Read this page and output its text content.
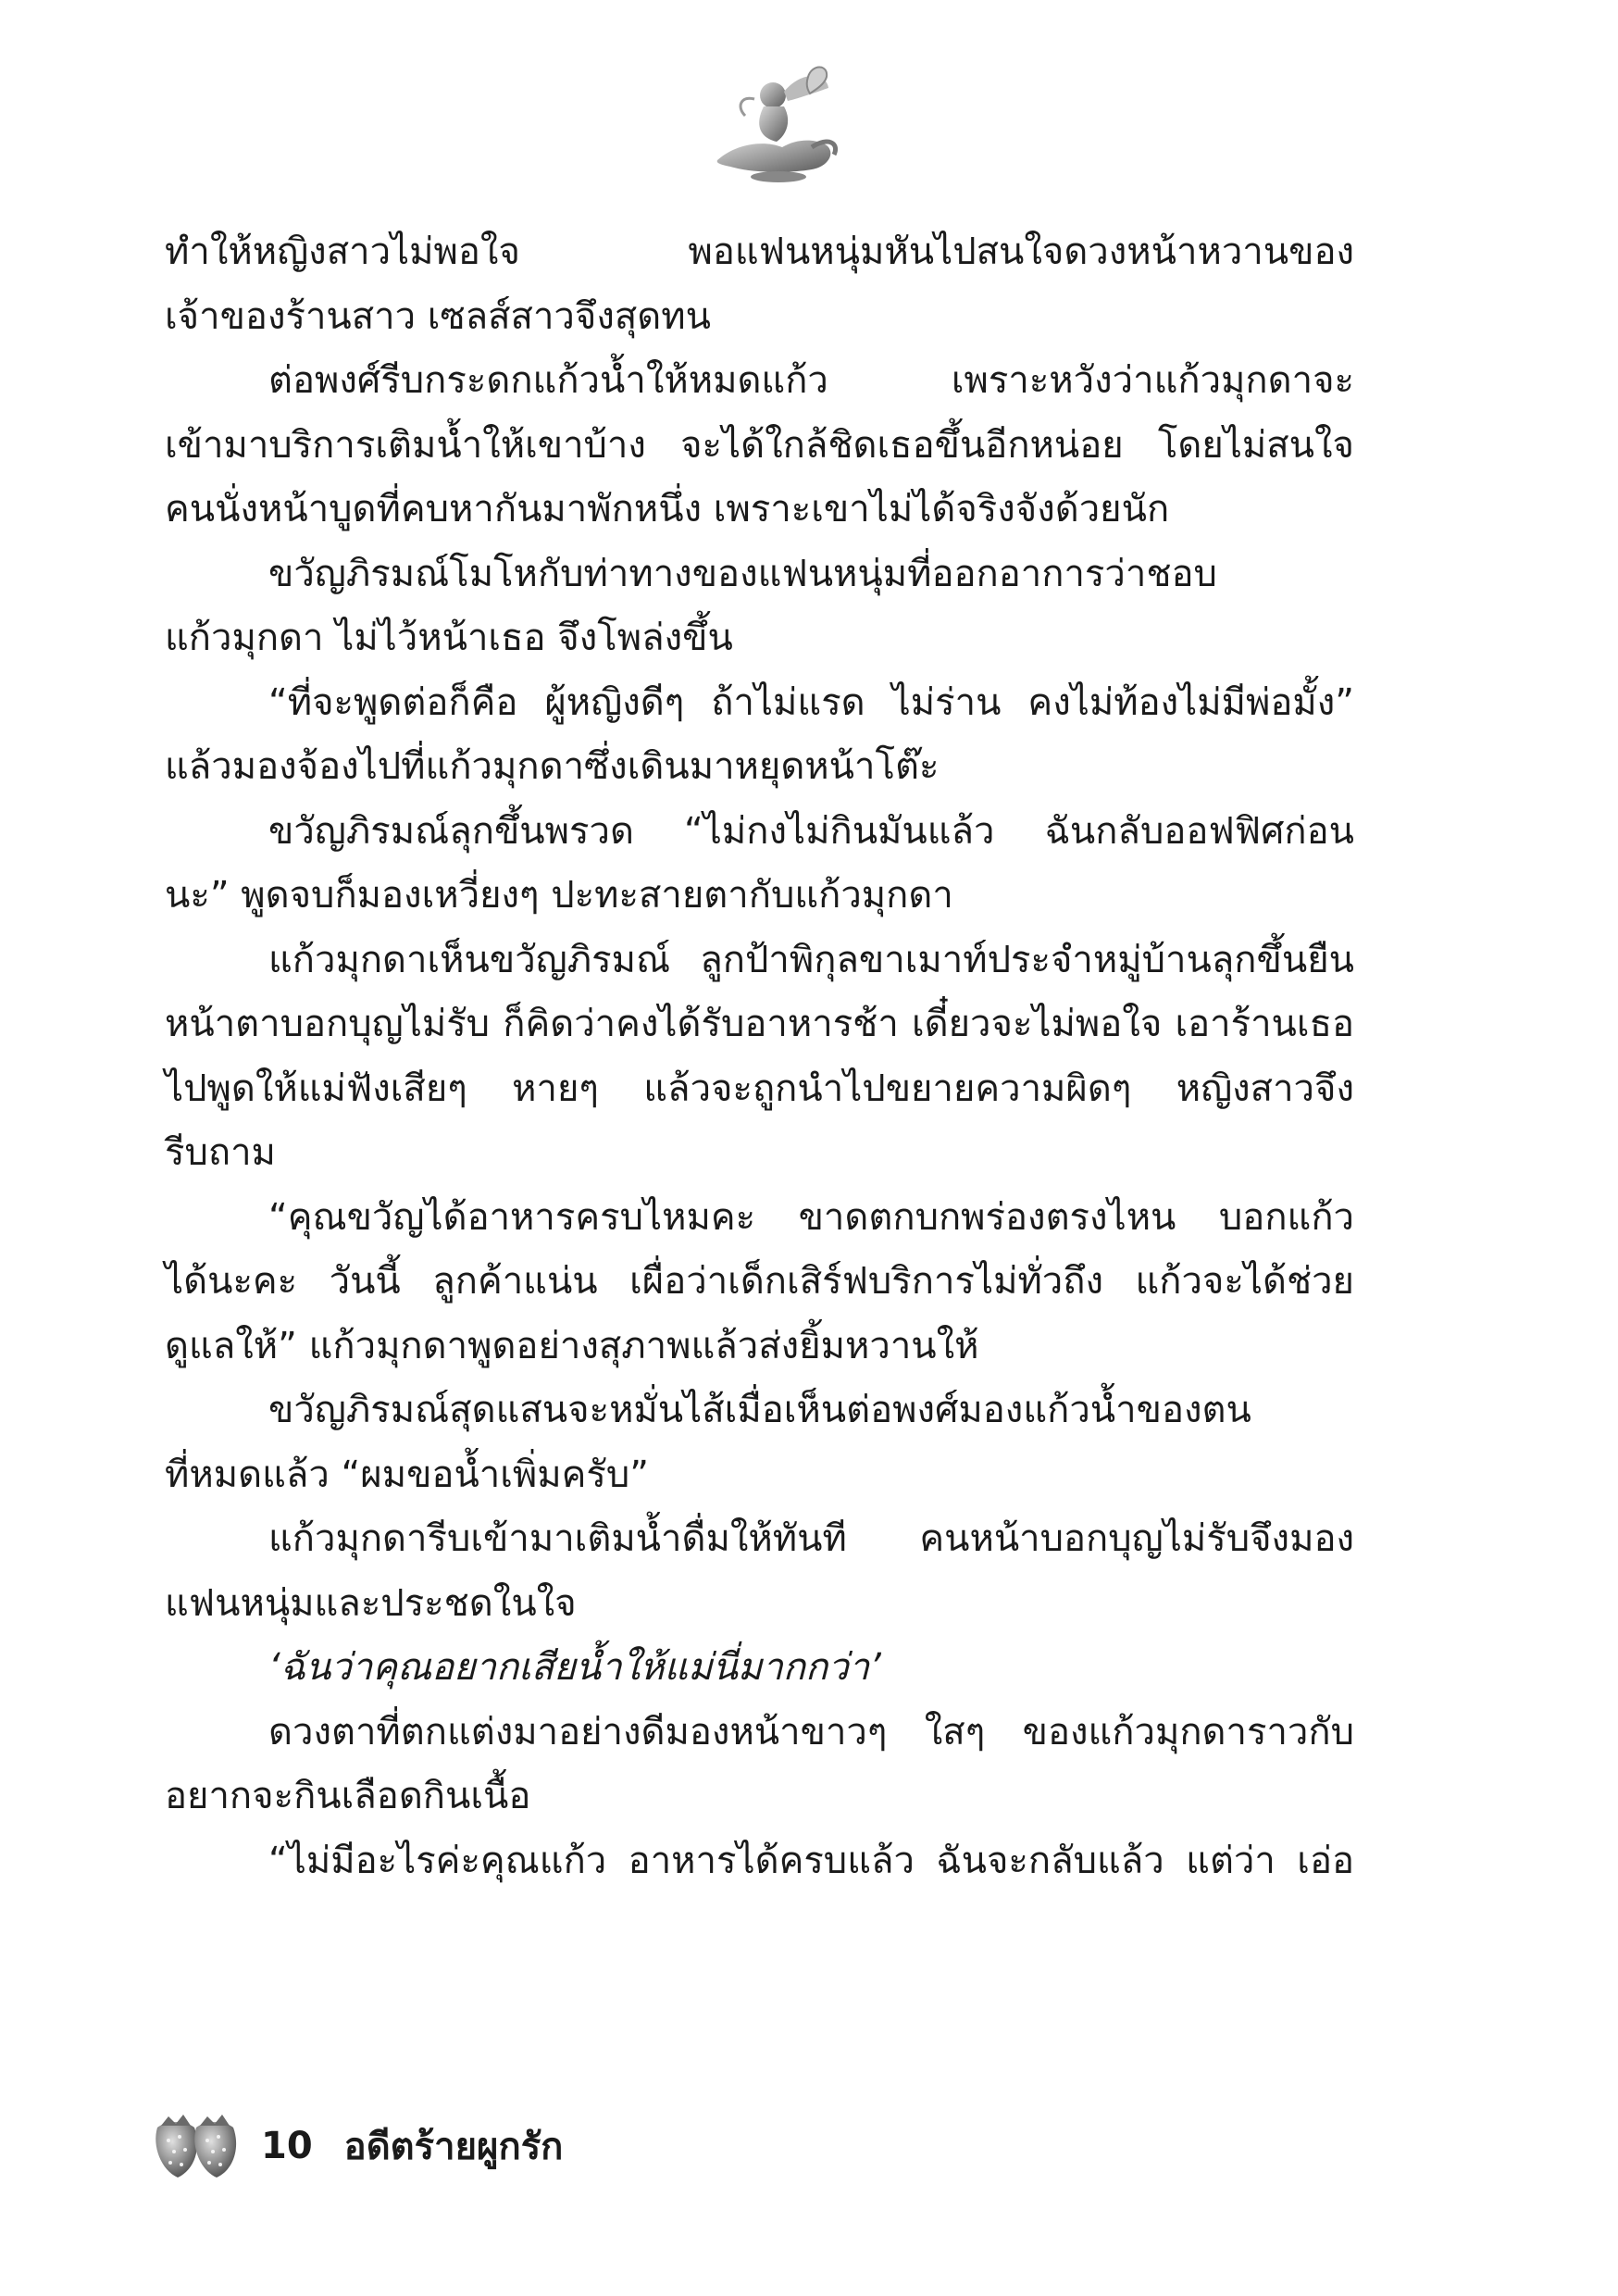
ทำให้หญิงสาวไม่พอใจ พอแฟนหนุ่มหันไปสนใจดวงหน้าหวานของ
เจ้าของร้านสาว เซลส์สาวจึงสุดทน
ต่อพงศ์รีบกระดกแก้วน้ำให้หมดแก้ว เพราะหวังว่าแก้วมุกดาจะ
เข้ามาบริการเติมน้ำให้เขาบ้าง จะได้ใกล้ชิดเธอขึ้นอีกหน่อย โดยไม่สนใจ
คนนั่งหน้าบูดที่คบหากันมาพักหนึ่ง เพราะเขาไม่ได้จริงจังด้วยนัก
ขวัญภิรมณ์โมโหกับท่าทางของแฟนหนุ่มที่ออกอาการว่าชอบ
แก้วมุกดา ไม่ไว้หน้าเธอ จึงโพล่งขึ้น
“ที่จะพูดต่อก็คือ ผู้หญิงดีๆ ถ้าไม่แรด ไม่ร่าน คงไม่ท้องไม่มีพ่อมั้ง”
แล้วมองจ้องไปที่แก้วมุกดาซึ่งเดินมาหยุดหน้าโต๊ะ
ขวัญภิรมณ์ลุกขึ้นพรวด “ไม่กงไม่กินมันแล้ว ฉันกลับออฟฟิศก่อน
นะ” พูดจบก็มองเหวี่ยงๆ ปะทะสายตากับแก้วมุกดา
แก้วมุกดาเห็นขวัญภิรมณ์ ลูกป้าพิกุลขาเมาท์ประจำหมู่บ้านลุกขึ้นยืน
หน้าตาบอกบุญไม่รับ ก็คิดว่าคงได้รับอาหารช้า เดี๋ยวจะไม่พอใจ เอาร้านเธอ
ไปพูดให้แม่ฟังเสียๆ หายๆ แล้วจะถูกนำไปขยายความผิดๆ หญิงสาวจึง
รีบถาม
“คุณขวัญได้อาหารครบไหมคะ ขาดตกบกพร่องตรงไหน บอกแก้ว
ได้นะคะ วันนี้ ลูกค้าแน่น เผื่อว่าเด็กเสิร์ฟบริการไม่ทั่วถึง แก้วจะได้ช่วย
ดูแลให้” แก้วมุกดาพูดอย่างสุภาพแล้วส่งยิ้มหวานให้
ขวัญภิรมณ์สุดแสนจะหมั่นไส้เมื่อเห็นต่อพงศ์มองแก้วน้ำของตน
ที่หมดแล้ว “ผมขอน้ำเพิ่มครับ”
แก้วมุกดารีบเข้ามาเติมน้ำดื่มให้ทันที คนหน้าบอกบุญไม่รับจึงมอง
แฟนหนุ่มและประชดในใจ
‘ฉันว่าคุณอยากเสียน้ำให้แม่นี่มากกว่า’
ดวงตาที่ตกแต่งมาอย่างดีมองหน้าขาวๆ ใสๆ ของแก้วมุกดาราวกับ
อยากจะกินเลือดกินเนื้อ
“ไม่มีอะไรค่ะคุณแก้ว อาหารได้ครบแล้ว ฉันจะกลับแล้ว แต่ว่า เอ่อ
10 อดีตร้ายผูกรัก
